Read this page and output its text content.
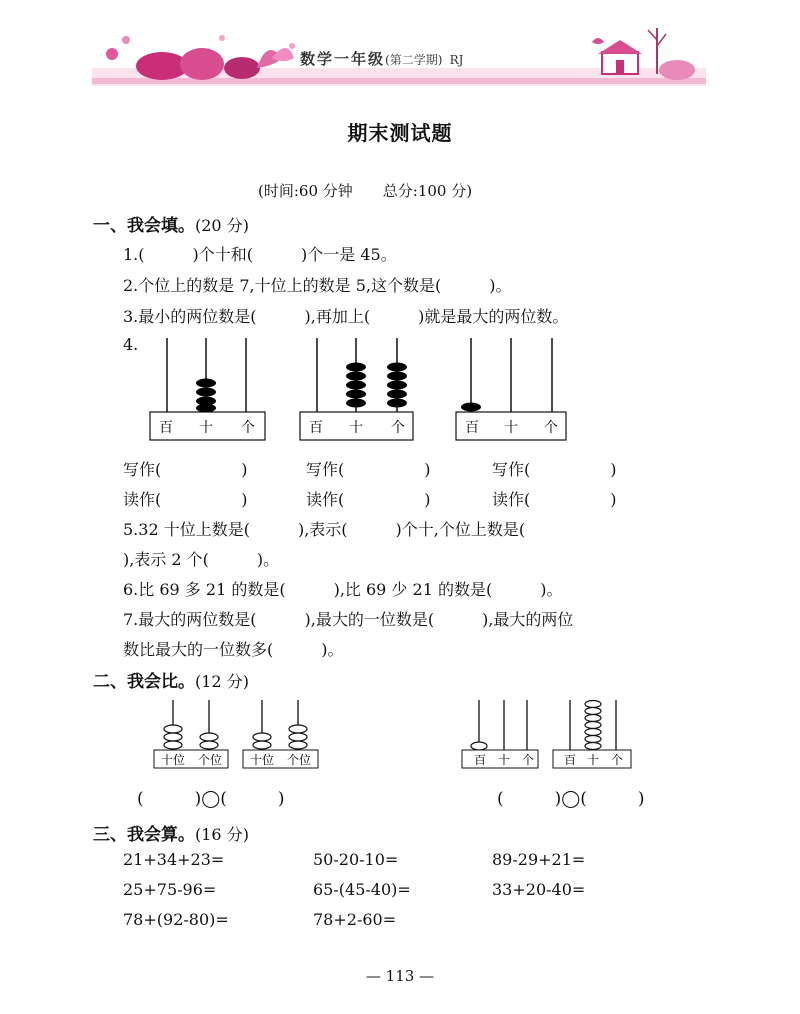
数学一年级(第二学期) RJ
期末测试题
(时间:60 分钟　　总分:100 分)
一、我会填。(20 分)
1.(　　　)个十和(　　　)个一是 45。
2.个位上的数是 7,十位上的数是 5,这个数是(　　　)。
3.最小的两位数是(　　　),再加上(　　　)就是最大的两位数。
4.
百 十 个	百 十 个	百 十 个
写作(　　　　　)	写作(　　　　　)	写作(　　　　　)
读作(　　　　　)	读作(　　　　　)	读作(　　　　　)
5.32 十位上数是(　　　),表示(　　　)个十,个位上数是(
),表示 2 个(　　　)。
6.比 69 多 21 的数是(　　　),比 69 少 21 的数是(　　　)。
7.最大的两位数是(　　　),最大的一位数是(　　　),最大的两位
数比最大的一位数多(　　　)。
二、我会比。(12 分)
十位 个位 十位 个位	百 十 个 百 十 个
(　　　)◯(　　　)	(　　　)◯(　　　)
三、我会算。(16 分)
21+34+23=	50-20-10=	89-29+21=
25+75-96=	65-(45-40)=	33+20-40=
78+(92-80)=	78+2-60=
— 113 —
